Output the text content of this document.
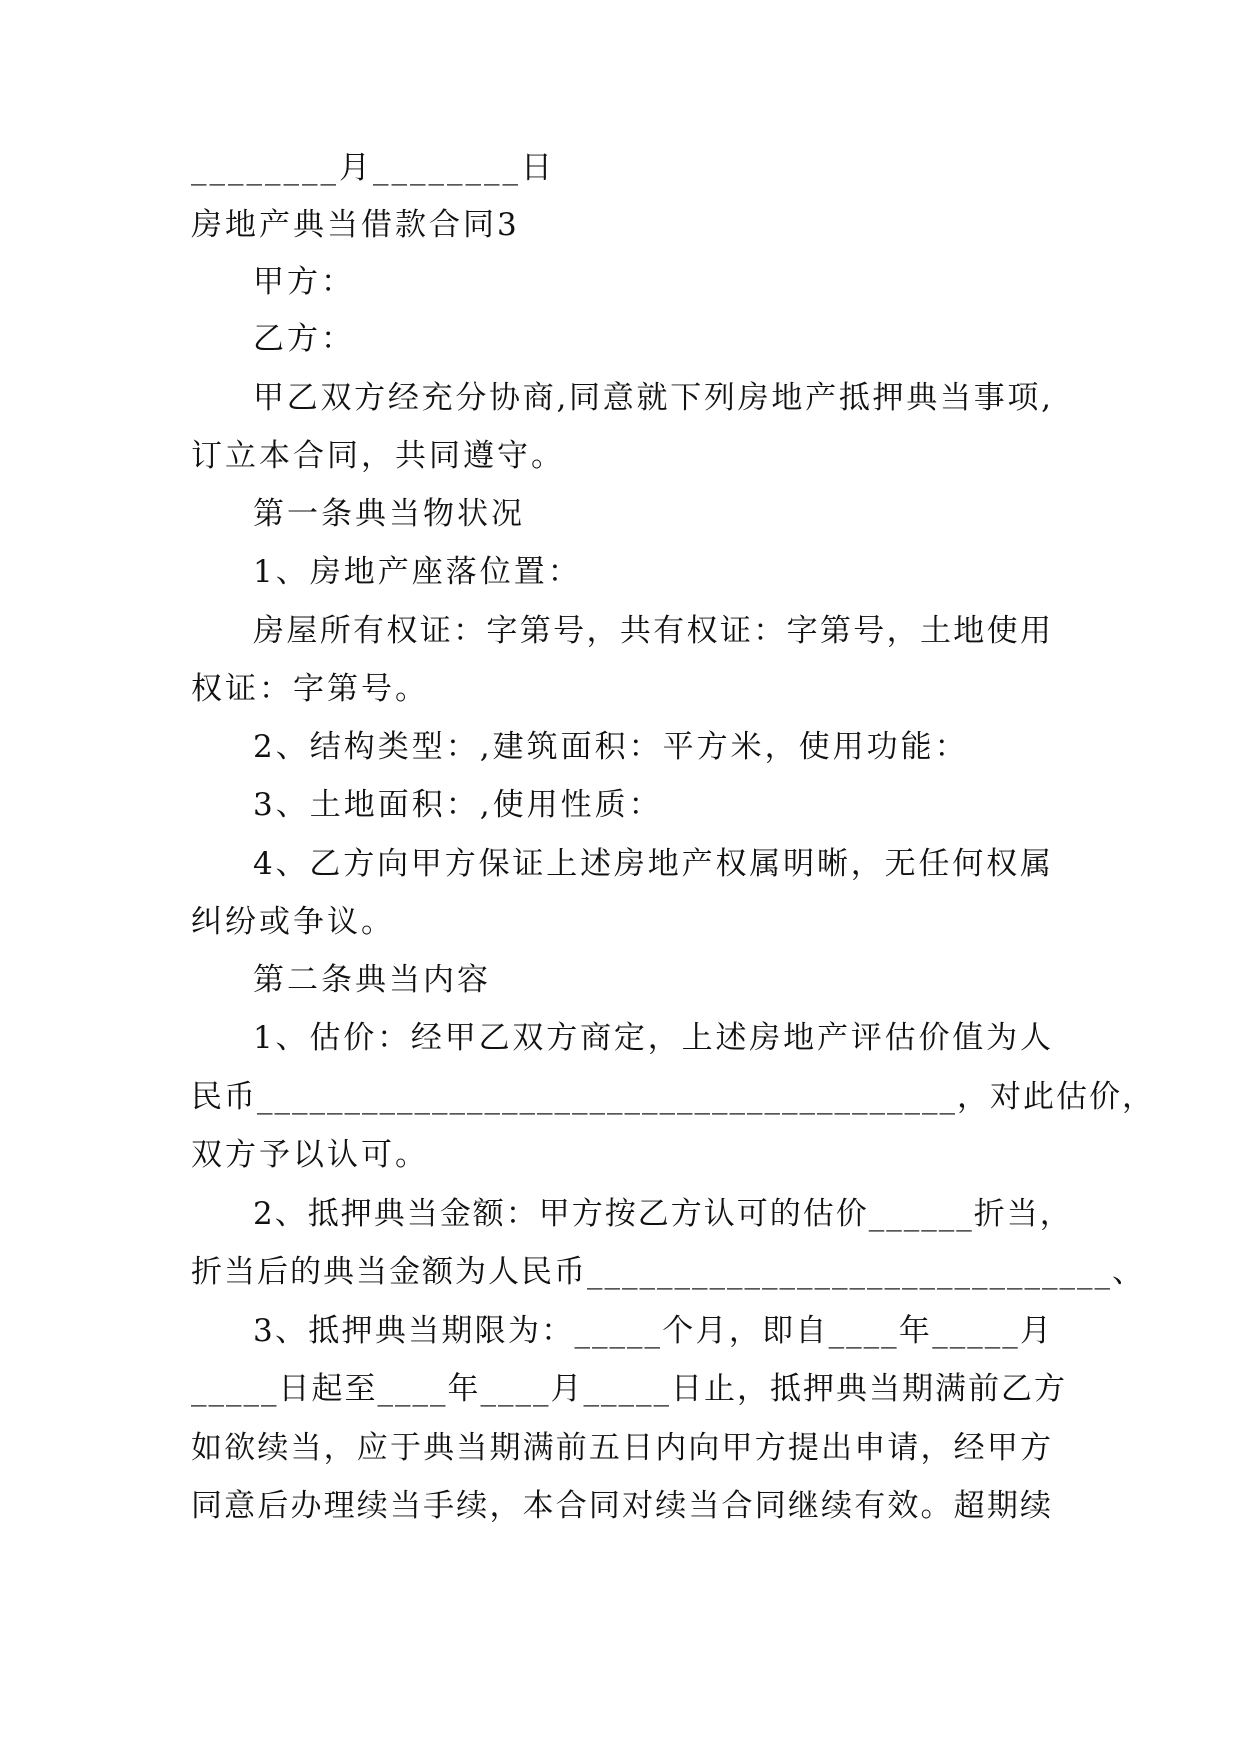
________月________日
房地产典当借款合同3
甲方：
乙方：
甲乙双方经充分协商,同意就下列房地产抵押典当事项,
订立本合同，共同遵守。
第一条典当物状况
1、房地产座落位置：
房屋所有权证：字第号，共有权证：字第号，土地使用
权证：字第号。
2、结构类型：,建筑面积：平方米，使用功能：
3、土地面积：,使用性质：
4、乙方向甲方保证上述房地产权属明晰，无任何权属
纠纷或争议。
第二条典当内容
1、估价：经甲乙双方商定，上述房地产评估价值为人
民币________________________________________，对此估价，
双方予以认可。
2、抵押典当金额：甲方按乙方认可的估价______折当，
折当后的典当金额为人民币______________________________、
3、抵押典当期限为：_____个月，即自____年_____月
_____日起至____年____月_____日止，抵押典当期满前乙方
如欲续当，应于典当期满前五日内向甲方提出申请，经甲方
同意后办理续当手续，本合同对续当合同继续有效。超期续
